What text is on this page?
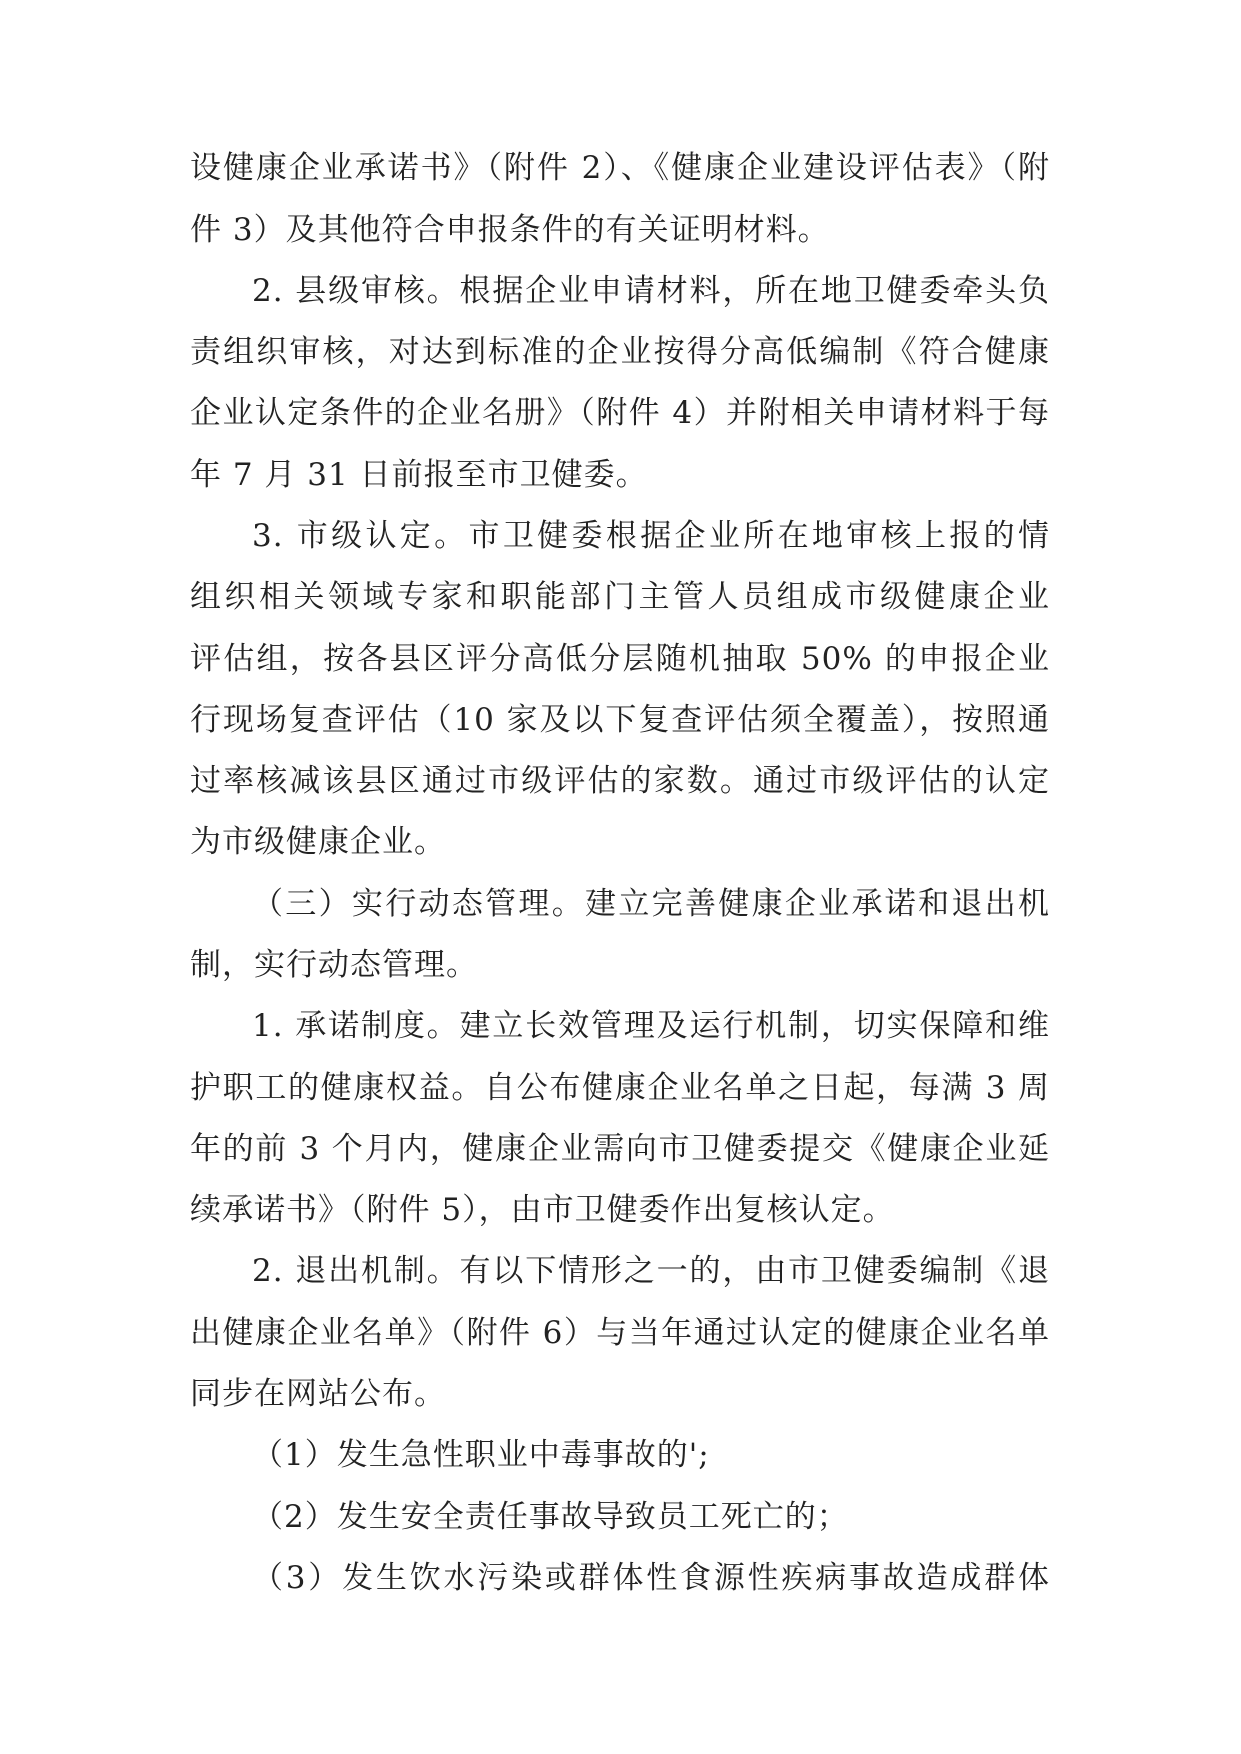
设健康企业承诺书》（附件 2）、《健康企业建设评估表》（附
件 3）及其他符合申报条件的有关证明材料。
2. 县级审核。根据企业申请材料，所在地卫健委牵头负
责组织审核，对达到标准的企业按得分高低编制《符合健康
企业认定条件的企业名册》（附件 4）并附相关申请材料于每
年 7 月 31 日前报至市卫健委。
3. 市级认定。市卫健委根据企业所在地审核上报的情
组织相关领域专家和职能部门主管人员组成市级健康企业
评估组，按各县区评分高低分层随机抽取 50% 的申报企业
行现场复查评估（10 家及以下复查评估须全覆盖），按照通
过率核减该县区通过市级评估的家数。通过市级评估的认定
为市级健康企业。
（三）实行动态管理。建立完善健康企业承诺和退出机
制，实行动态管理。
1. 承诺制度。建立长效管理及运行机制，切实保障和维
护职工的健康权益。自公布健康企业名单之日起，每满 3 周
年的前 3 个月内，健康企业需向市卫健委提交《健康企业延
续承诺书》（附件 5），由市卫健委作出复核认定。
2. 退出机制。有以下情形之一的，由市卫健委编制《退
出健康企业名单》（附件 6）与当年通过认定的健康企业名单
同步在网站公布。
（1）发生急性职业中毒事故的';
（2）发生安全责任事故导致员工死亡的；
（3）发生饮水污染或群体性食源性疾病事故造成群体
